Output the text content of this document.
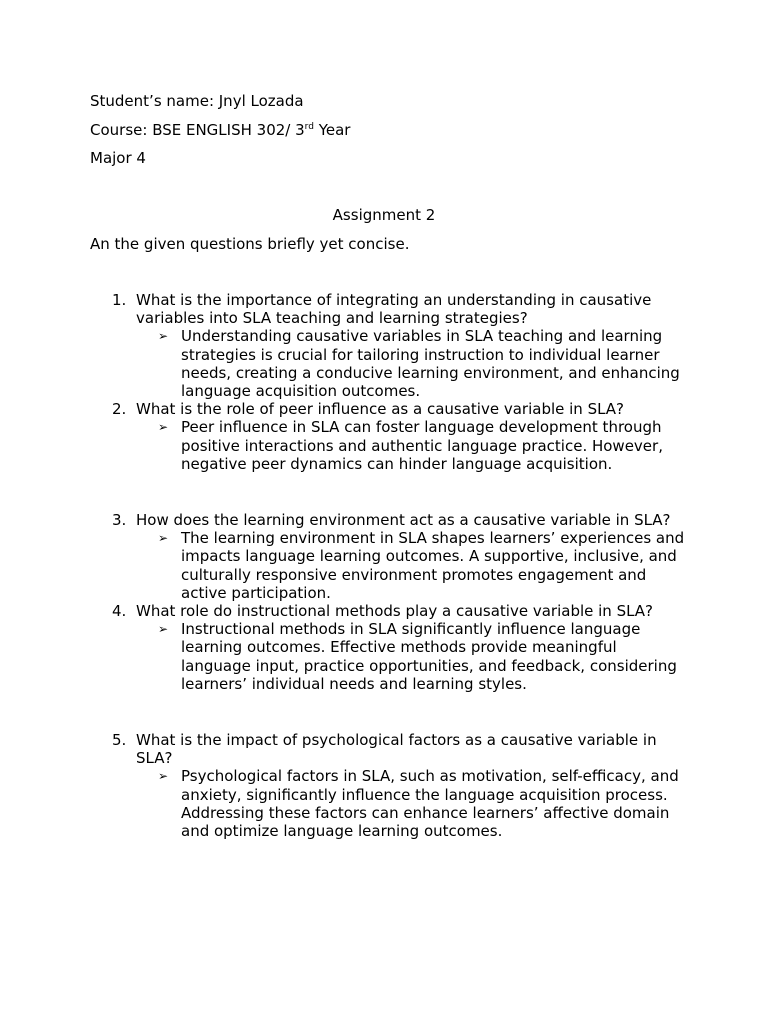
Student’s name: Jnyl Lozada
Course: BSE ENGLISH 302/ 3rd Year
Major 4
Assignment 2
An the given questions briefly yet concise.
1. What is the importance of integrating an understanding in causative variables into SLA teaching and learning strategies?
➢ Understanding causative variables in SLA teaching and learning strategies is crucial for tailoring instruction to individual learner needs, creating a conducive learning environment, and enhancing language acquisition outcomes.
2. What is the role of peer influence as a causative variable in SLA?
➢ Peer influence in SLA can foster language development through positive interactions and authentic language practice. However, negative peer dynamics can hinder language acquisition.
3. How does the learning environment act as a causative variable in SLA?
➢ The learning environment in SLA shapes learners’ experiences and impacts language learning outcomes. A supportive, inclusive, and culturally responsive environment promotes engagement and active participation.
4. What role do instructional methods play a causative variable in SLA?
➢ Instructional methods in SLA significantly influence language learning outcomes. Effective methods provide meaningful language input, practice opportunities, and feedback, considering learners’ individual needs and learning styles.
5. What is the impact of psychological factors as a causative variable in SLA?
➢ Psychological factors in SLA, such as motivation, self-efficacy, and anxiety, significantly influence the language acquisition process. Addressing these factors can enhance learners’ affective domain and optimize language learning outcomes.
